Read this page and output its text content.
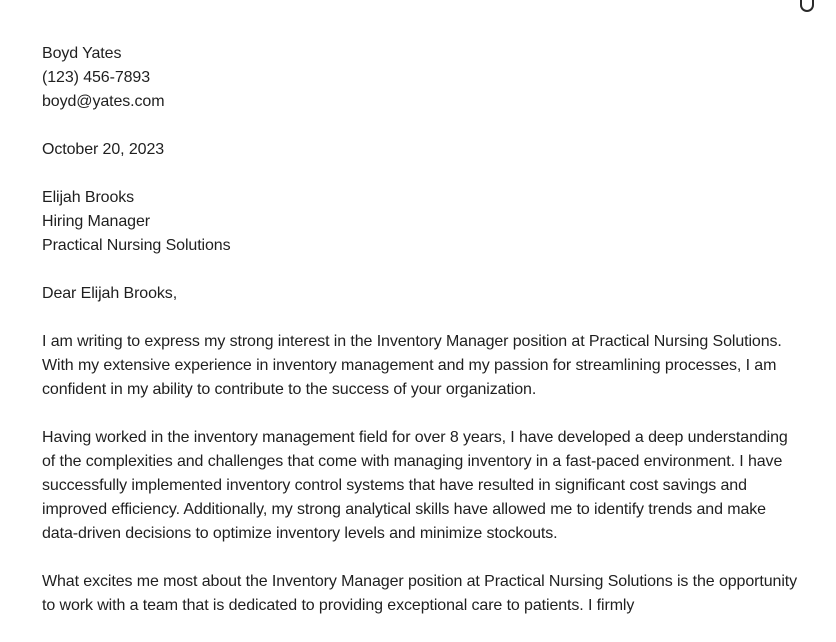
Boyd Yates
(123) 456-7893
boyd@yates.com
October 20, 2023
Elijah Brooks
Hiring Manager
Practical Nursing Solutions
Dear Elijah Brooks,

I am writing to express my strong interest in the Inventory Manager position at Practical Nursing Solutions. With my extensive experience in inventory management and my passion for streamlining processes, I am confident in my ability to contribute to the success of your organization.

Having worked in the inventory management field for over 8 years, I have developed a deep understanding of the complexities and challenges that come with managing inventory in a fast-paced environment. I have successfully implemented inventory control systems that have resulted in significant cost savings and improved efficiency. Additionally, my strong analytical skills have allowed me to identify trends and make data-driven decisions to optimize inventory levels and minimize stockouts.

What excites me most about the Inventory Manager position at Practical Nursing Solutions is the opportunity to work with a team that is dedicated to providing exceptional care to patients. I firmly
